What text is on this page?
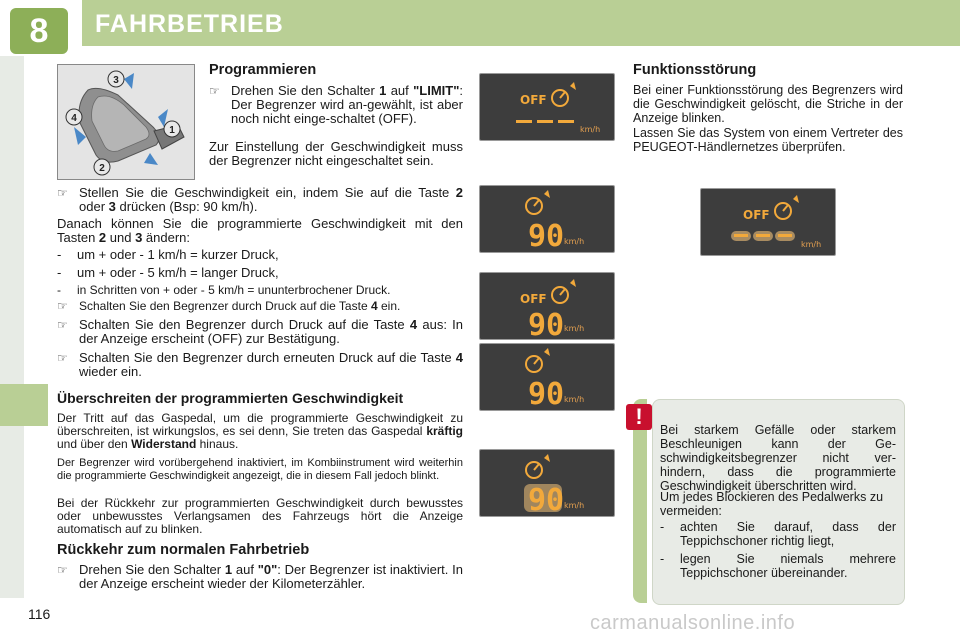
8	FAHRBETRIEB
116
1
2
3
4
Programmieren
☞ Drehen Sie den Schalter 1 auf "LIMIT": Der Begrenzer wird an-gewählt, ist aber noch nicht einge-schaltet (OFF).
Zur Einstellung der Geschwindigkeit muss der Begrenzer nicht eingeschaltet sein.
☞ Stellen Sie die Geschwindigkeit ein, indem Sie auf die Taste 2 oder 3 drücken (Bsp: 90 km/h).
Danach können Sie die programmierte Geschwindigkeit mit den Tasten 2 und 3 ändern:
-	um + oder - 1 km/h = kurzer Druck,
-	um + oder - 5 km/h = langer Druck,
-	in Schritten von + oder - 5 km/h = ununterbrochener Druck.
☞ Schalten Sie den Begrenzer durch Druck auf die Taste 4 ein.
☞ Schalten Sie den Begrenzer durch Druck auf die Taste 4 aus: In der Anzeige erscheint (OFF) zur Bestätigung.
☞ Schalten Sie den Begrenzer durch erneuten Druck auf die Taste 4 wieder ein.
Überschreiten der programmierten Geschwindigkeit
Der Tritt auf das Gaspedal, um die programmierte Geschwindigkeit zu überschreiten, ist wirkungslos, es sei denn, Sie treten das Gaspedal kräftig und über den Widerstand hinaus.
Der Begrenzer wird vorübergehend inaktiviert, im Kombiinstrument wird weiterhin die programmierte Geschwindigkeit angezeigt, die in diesem Fall jedoch blinkt.
Bei der Rückkehr zur programmierten Geschwindigkeit durch bewusstes oder unbewusstes Verlangsamen des Fahrzeugs hört die Anzeige automatisch auf zu blinken.
Rückkehr zum normalen Fahrbetrieb
☞ Drehen Sie den Schalter 1 auf "0": Der Begrenzer ist inaktiviert. In der Anzeige erscheint wieder der Kilometerzähler.
OFF
km/h
90 km/h
OFF
90 km/h
90 km/h
90 km/h
Funktionsstörung
Bei einer Funktionsstörung des Begrenzers wird die Geschwindigkeit gelöscht, die Striche in der Anzeige blinken.
Lassen Sie das System von einem Vertreter des PEUGEOT-Händlernetzes überprüfen.
OFF
km/h
!
Bei starkem Gefälle oder starkem Beschleunigen kann der Ge-schwindigkeitsbegrenzer nicht ver-hindern, dass die programmierte Geschwindigkeit überschritten wird.
Um jedes Blockieren des Pedalwerks zu vermeiden:
-	achten Sie darauf, dass der Teppichschoner richtig liegt,
-	legen Sie niemals mehrere Teppichschoner übereinander.
carmanualsonline.info
